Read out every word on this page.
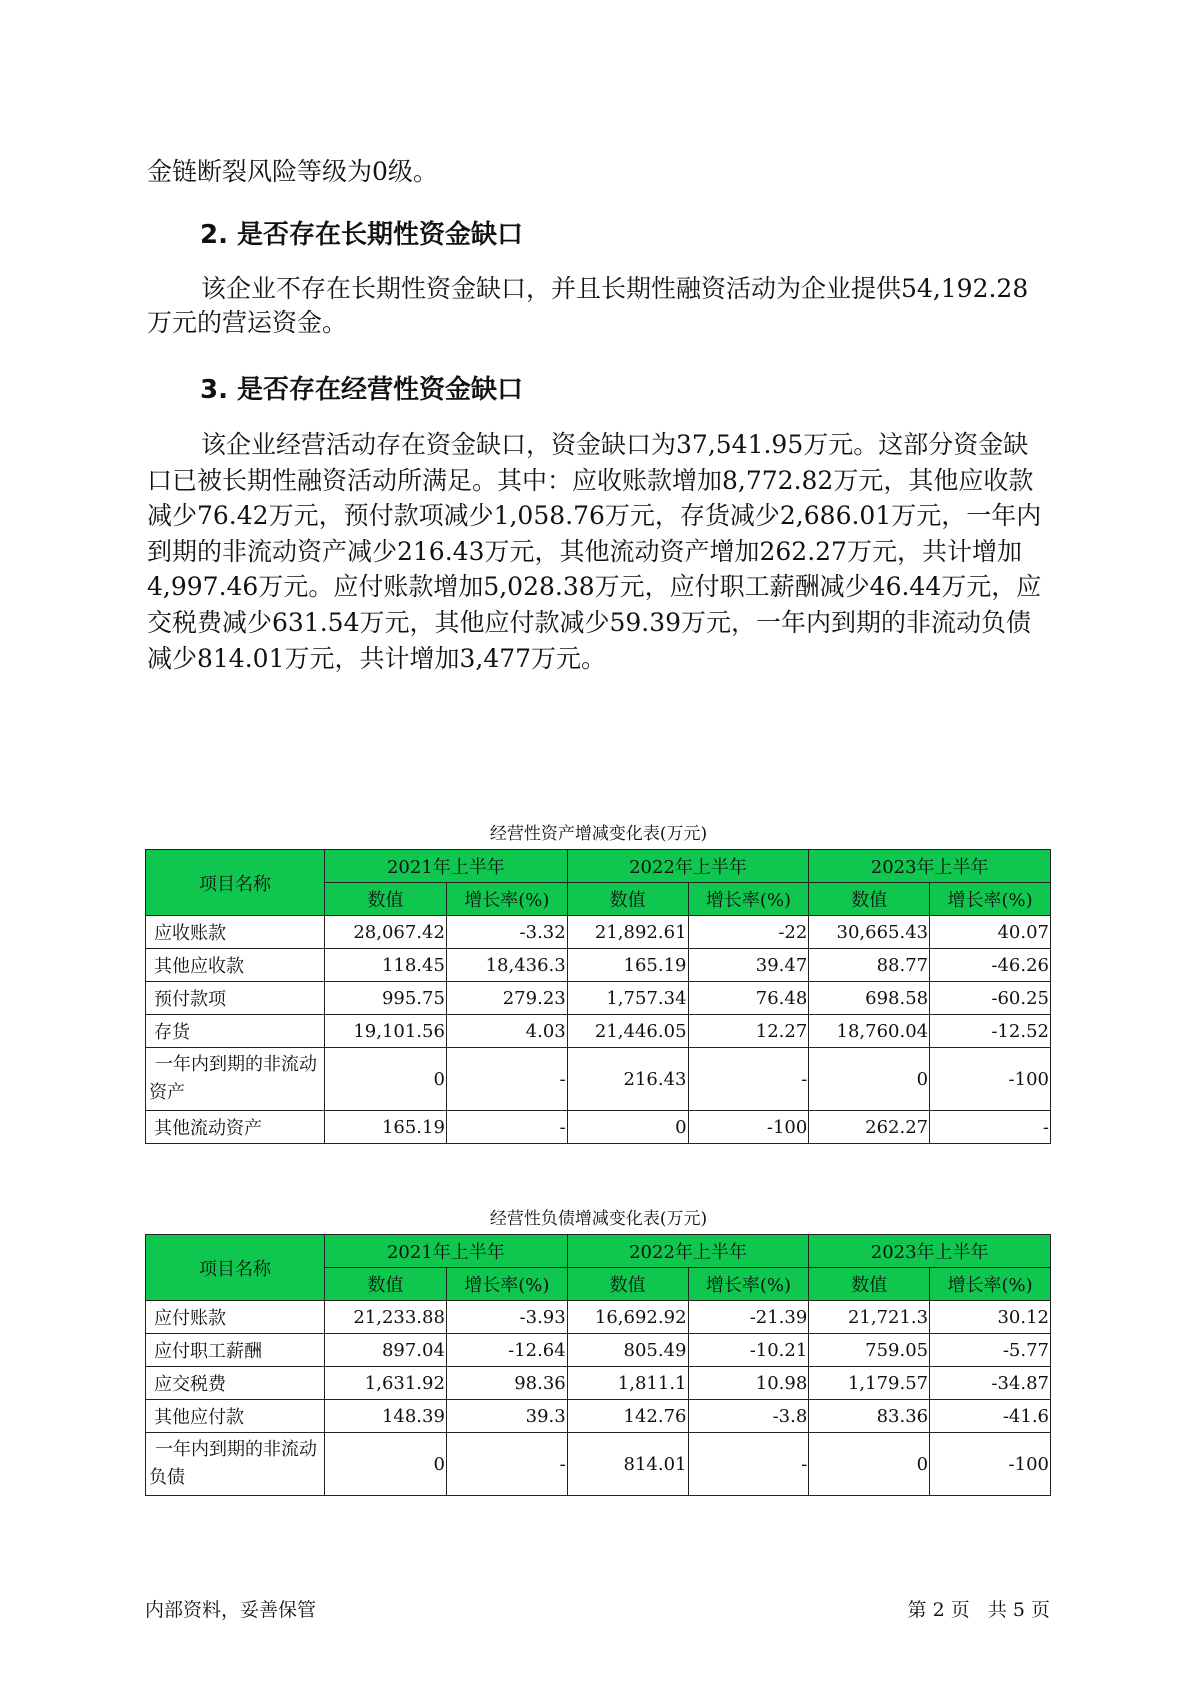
金链断裂风险等级为0级。
2. 是否存在长期性资金缺口
该企业不存在长期性资金缺口，并且长期性融资活动为企业提供54,192.28万元的营运资金。
3. 是否存在经营性资金缺口
该企业经营活动存在资金缺口，资金缺口为37,541.95万元。这部分资金缺口已被长期性融资活动所满足。其中：应收账款增加8,772.82万元，其他应收款减少76.42万元，预付款项减少1,058.76万元，存货减少2,686.01万元，一年内到期的非流动资产减少216.43万元，其他流动资产增加262.27万元，共计增加4,997.46万元。应付账款增加5,028.38万元，应付职工薪酬减少46.44万元，应交税费减少631.54万元，其他应付款减少59.39万元，一年内到期的非流动负债减少814.01万元，共计增加3,477万元。
经营性资产增减变化表(万元)
项目名称	2021年上半年		2022年上半年		2023年上半年	
	数值	增长率(%)	数值	增长率(%)	数值	增长率(%)
应收账款	28,067.42	-3.32	21,892.61	-22	30,665.43	40.07
其他应收款	118.45	18,436.3	165.19	39.47	88.77	-46.26
预付款项	995.75	279.23	1,757.34	76.48	698.58	-60.25
存货	19,101.56	4.03	21,446.05	12.27	18,760.04	-12.52
一年内到期的非流动资产	0	-	216.43	-	0	-100
其他流动资产	165.19	-	0	-100	262.27	-
经营性负债增减变化表(万元)
项目名称	2021年上半年		2022年上半年		2023年上半年	
	数值	增长率(%)	数值	增长率(%)	数值	增长率(%)
应付账款	21,233.88	-3.93	16,692.92	-21.39	21,721.3	30.12
应付职工薪酬	897.04	-12.64	805.49	-10.21	759.05	-5.77
应交税费	1,631.92	98.36	1,811.1	10.98	1,179.57	-34.87
其他应付款	148.39	39.3	142.76	-3.8	83.36	-41.6
一年内到期的非流动负债	0	-	814.01	-	0	-100
内部资料，妥善保管	第 2 页   共 5 页
